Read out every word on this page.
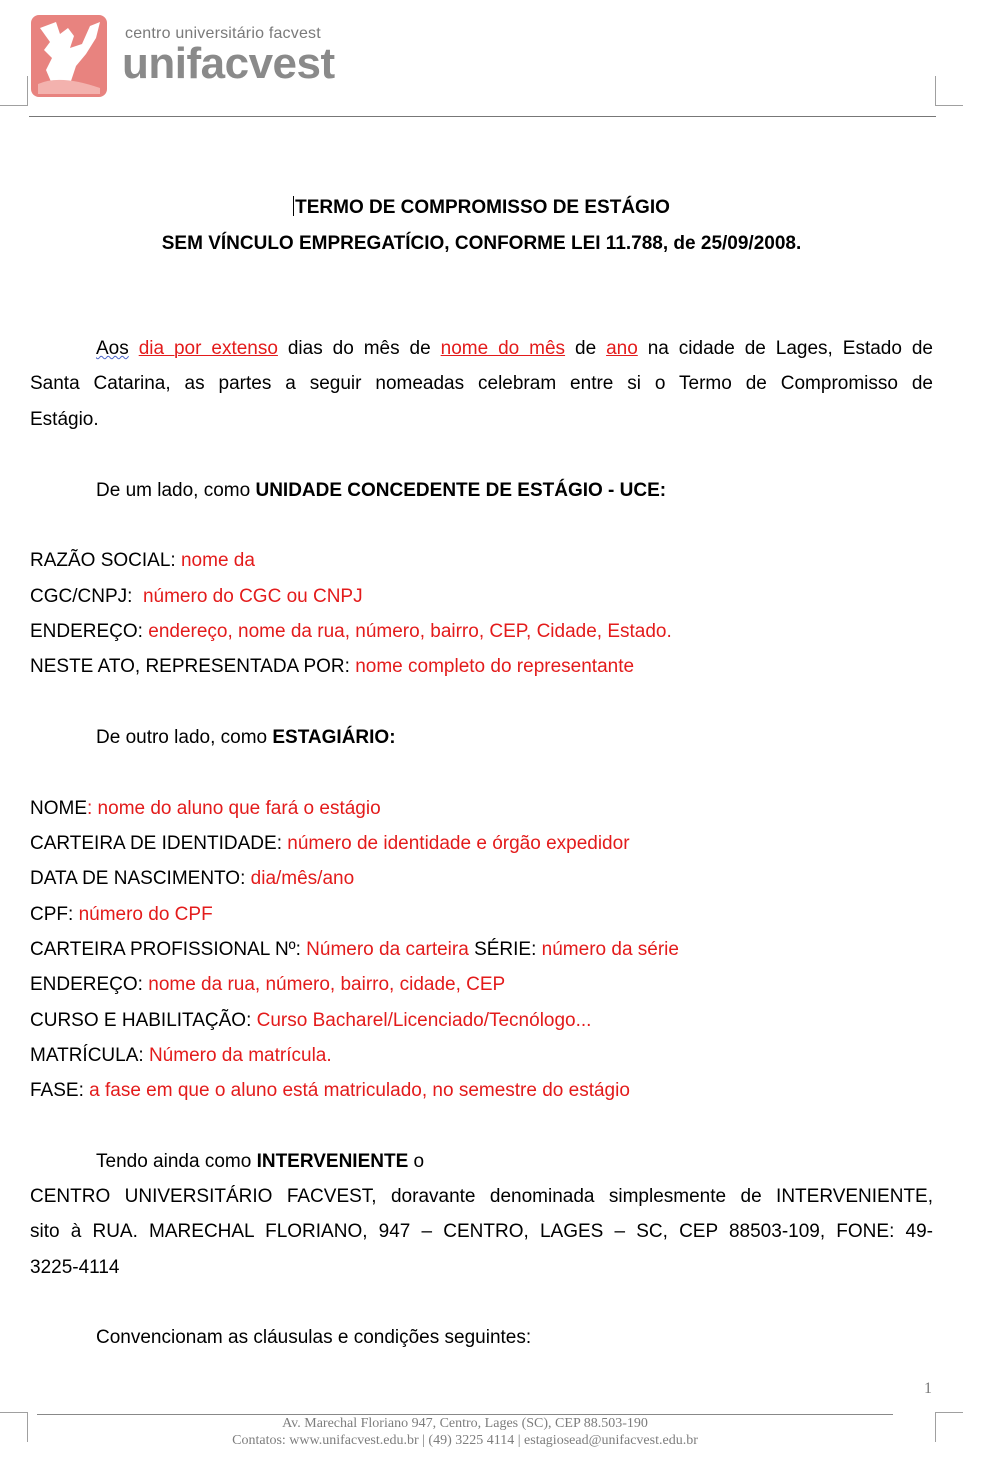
centro universitário facvest
unifacvest
TERMO DE COMPROMISSO DE ESTÁGIO
SEM VÍNCULO EMPREGATÍCIO, CONFORME LEI 11.788, de 25/09/2008.
Aos dia por extenso dias do mês de nome do mês de ano na cidade de Lages, Estado de
Santa Catarina, as partes a seguir nomeadas celebram entre si o Termo de Compromisso de
Estágio.
De um lado, como UNIDADE CONCEDENTE DE ESTÁGIO - UCE:
RAZÃO SOCIAL: nome da
CGC/CNPJ: número do CGC ou CNPJ
ENDEREÇO: endereço, nome da rua, número, bairro, CEP, Cidade, Estado.
NESTE ATO, REPRESENTADA POR: nome completo do representante
De outro lado, como ESTAGIÁRIO:
NOME: nome do aluno que fará o estágio
CARTEIRA DE IDENTIDADE: número de identidade e órgão expedidor
DATA DE NASCIMENTO: dia/mês/ano
CPF: número do CPF
CARTEIRA PROFISSIONAL Nº: Número da carteira SÉRIE: número da série
ENDEREÇO: nome da rua, número, bairro, cidade, CEP
CURSO E HABILITAÇÃO: Curso Bacharel/Licenciado/Tecnólogo...
MATRÍCULA: Número da matrícula.
FASE: a fase em que o aluno está matriculado, no semestre do estágio
Tendo ainda como INTERVENIENTE o
CENTRO UNIVERSITÁRIO FACVEST, doravante denominada simplesmente de INTERVENIENTE,
sito à RUA. MARECHAL FLORIANO, 947 – CENTRO, LAGES – SC, CEP 88503-109, FONE: 49-
3225-4114
Convencionam as cláusulas e condições seguintes:
1
Av. Marechal Floriano 947, Centro, Lages (SC), CEP 88.503-190
Contatos: www.unifacvest.edu.br | (49) 3225 4114 | estagiosead@unifacvest.edu.br
